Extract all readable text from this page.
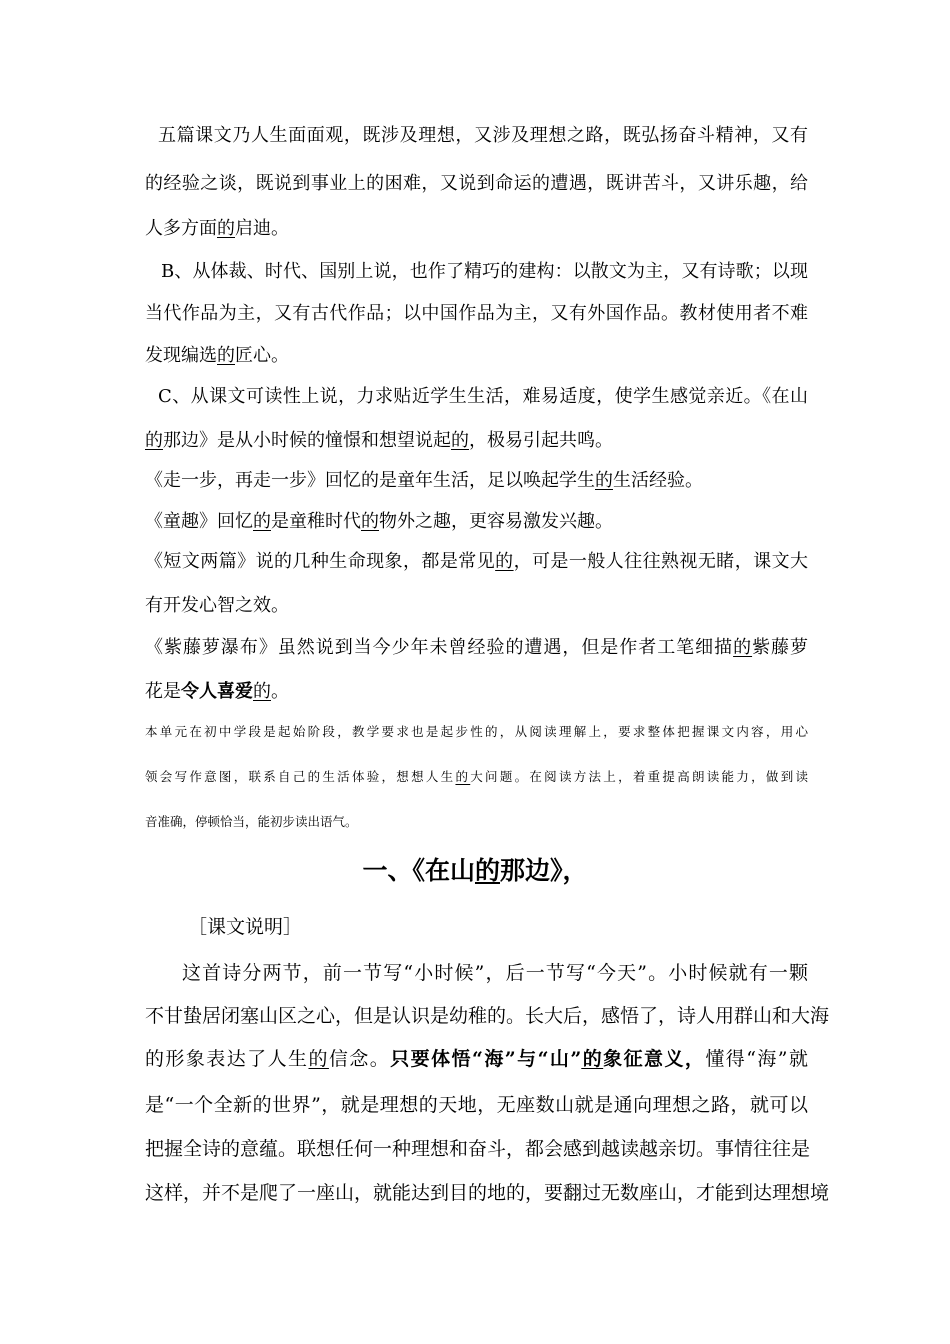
五篇课文乃人生面面观，既涉及理想，又涉及理想之路，既弘扬奋斗精神，又有
的经验之谈，既说到事业上的困难，又说到命运的遭遇，既讲苦斗，又讲乐趣，给
人多方面的启迪。
B、从体裁、时代、国别上说，也作了精巧的建构：以散文为主，又有诗歌；以现
当代作品为主，又有古代作品；以中国作品为主，又有外国作品。教材使用者不难
发现编选的匠心。
C、从课文可读性上说，力求贴近学生生活，难易适度，使学生感觉亲近。《在山
的那边》是从小时候的憧憬和想望说起的，极易引起共鸣。
《走一步，再走一步》回忆的是童年生活，足以唤起学生的生活经验。
《童趣》回忆的是童稚时代的物外之趣，更容易激发兴趣。
《短文两篇》说的几种生命现象，都是常见的，可是一般人往往熟视无睹，课文大
有开发心智之效。
《紫藤萝瀑布》虽然说到当今少年未曾经验的遭遇，但是作者工笔细描的紫藤萝
花是令人喜爱的。
本单元在初中学段是起始阶段，教学要求也是起步性的，从阅读理解上，要求整体把握课文内容，用心
领会写作意图，联系自己的生活体验，想想人生的大问题。在阅读方法上，着重提高朗读能力，做到读
音准确，停顿恰当，能初步读出语气。
一、《在山的那边》，
［课文说明］
这首诗分两节，前一节写“小时候”，后一节写“今天”。小时候就有一颗
不甘蛰居闭塞山区之心，但是认识是幼稚的。长大后，感悟了，诗人用群山和大海
的形象表达了人生的信念。只要体悟“海”与“山”的象征意义，懂得“海”就
是“一个全新的世界”，就是理想的天地，无座数山就是通向理想之路，就可以
把握全诗的意蕴。联想任何一种理想和奋斗，都会感到越读越亲切。事情往往是
这样，并不是爬了一座山，就能达到目的地的，要翻过无数座山，才能到达理想境
